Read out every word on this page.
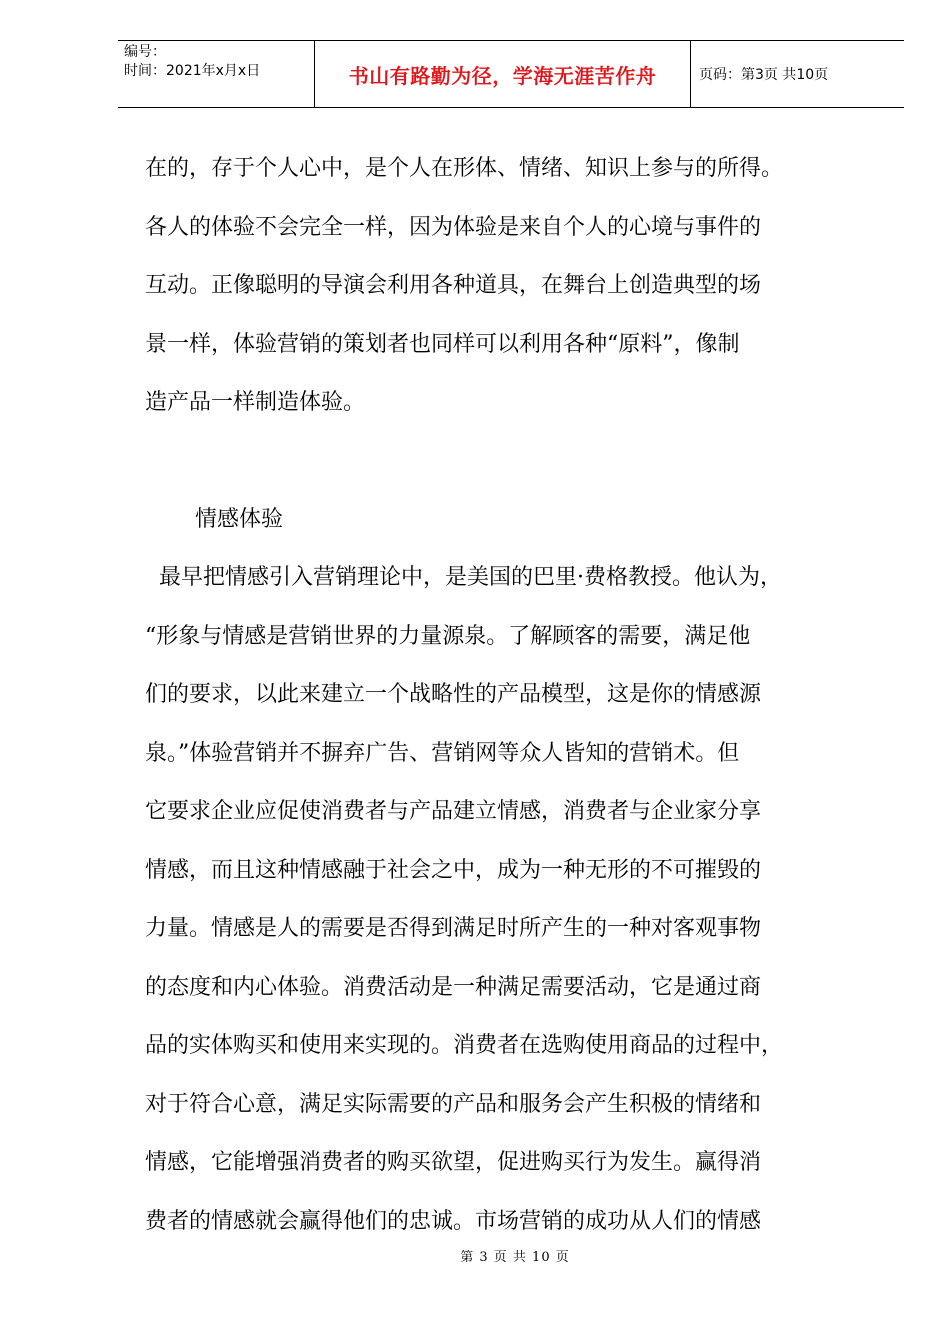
编号：
时间：2021年x月x日	书山有路勤为径，学海无涯苦作舟	页码：第3页 共10页

在的，存于个人心中，是个人在形体、情绪、知识上参与的所得。

各人的体验不会完全一样，因为体验是来自个人的心境与事件的

互动。正像聪明的导演会利用各种道具，在舞台上创造典型的场

景一样，体验营销的策划者也同样可以利用各种“原料”，像制

造产品一样制造体验。

情感体验

最早把情感引入营销理论中，是美国的巴里·费格教授。他认为，

“形象与情感是营销世界的力量源泉。了解顾客的需要，满足他

们的要求，以此来建立一个战略性的产品模型，这是你的情感源

泉。”体验营销并不摒弃广告、营销网等众人皆知的营销术。但

它要求企业应促使消费者与产品建立情感，消费者与企业家分享

情感，而且这种情感融于社会之中，成为一种无形的不可摧毁的

力量。情感是人的需要是否得到满足时所产生的一种对客观事物

的态度和内心体验。消费活动是一种满足需要活动，它是通过商

品的实体购买和使用来实现的。消费者在选购使用商品的过程中，

对于符合心意，满足实际需要的产品和服务会产生积极的情绪和

情感，它能增强消费者的购买欲望，促进购买行为发生。赢得消

费者的情感就会赢得他们的忠诚。市场营销的成功从人们的情感

第 3 页 共 10 页
